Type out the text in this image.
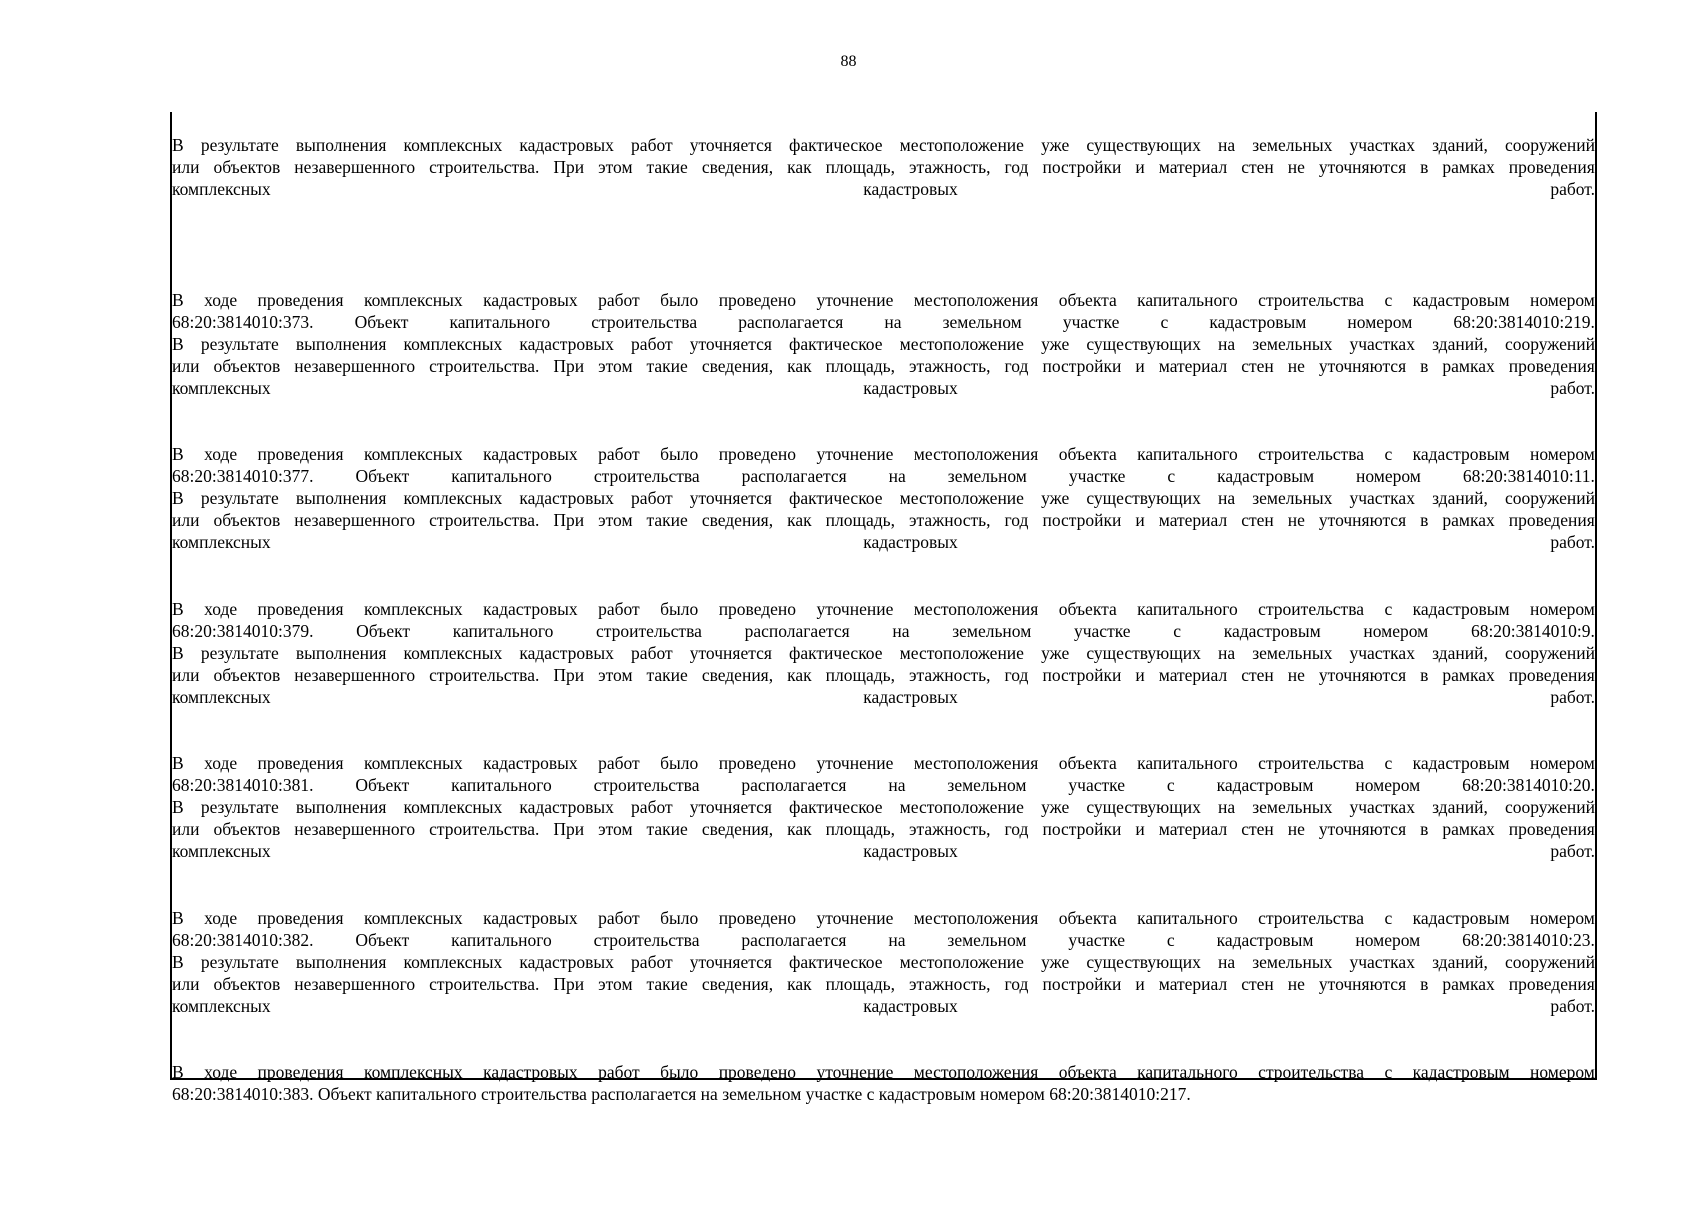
88
В результате выполнения комплексных кадастровых работ уточняется фактическое местоположение уже существующих на земельных участках зданий, сооружений
или объектов незавершенного строительства. При этом такие сведения, как площадь, этажность, год постройки и материал стен не уточняются в рамках проведения
комплексных	кадастровых	работ.
В ходе проведения комплексных кадастровых работ было проведено уточнение местоположения объекта капитального строительства с кадастровым номером
68:20:3814010:373. Объект капитального строительства располагается на земельном участке с кадастровым номером 68:20:3814010:219.
В результате выполнения комплексных кадастровых работ уточняется фактическое местоположение уже существующих на земельных участках зданий, сооружений
или объектов незавершенного строительства. При этом такие сведения, как площадь, этажность, год постройки и материал стен не уточняются в рамках проведения
комплексных	кадастровых	работ.
В ходе проведения комплексных кадастровых работ было проведено уточнение местоположения объекта капитального строительства с кадастровым номером
68:20:3814010:377. Объект капитального строительства располагается на земельном участке с кадастровым номером 68:20:3814010:11.
В результате выполнения комплексных кадастровых работ уточняется фактическое местоположение уже существующих на земельных участках зданий, сооружений
или объектов незавершенного строительства. При этом такие сведения, как площадь, этажность, год постройки и материал стен не уточняются в рамках проведения
комплексных	кадастровых	работ.
В ходе проведения комплексных кадастровых работ было проведено уточнение местоположения объекта капитального строительства с кадастровым номером
68:20:3814010:379. Объект капитального строительства располагается на земельном участке с кадастровым номером 68:20:3814010:9.
В результате выполнения комплексных кадастровых работ уточняется фактическое местоположение уже существующих на земельных участках зданий, сооружений
или объектов незавершенного строительства. При этом такие сведения, как площадь, этажность, год постройки и материал стен не уточняются в рамках проведения
комплексных	кадастровых	работ.
В ходе проведения комплексных кадастровых работ было проведено уточнение местоположения объекта капитального строительства с кадастровым номером
68:20:3814010:381. Объект капитального строительства располагается на земельном участке с кадастровым номером 68:20:3814010:20.
В результате выполнения комплексных кадастровых работ уточняется фактическое местоположение уже существующих на земельных участках зданий, сооружений
или объектов незавершенного строительства. При этом такие сведения, как площадь, этажность, год постройки и материал стен не уточняются в рамках проведения
комплексных	кадастровых	работ.
В ходе проведения комплексных кадастровых работ было проведено уточнение местоположения объекта капитального строительства с кадастровым номером
68:20:3814010:382. Объект капитального строительства располагается на земельном участке с кадастровым номером 68:20:3814010:23.
В результате выполнения комплексных кадастровых работ уточняется фактическое местоположение уже существующих на земельных участках зданий, сооружений
или объектов незавершенного строительства. При этом такие сведения, как площадь, этажность, год постройки и материал стен не уточняются в рамках проведения
комплексных	кадастровых	работ.
В ходе проведения комплексных кадастровых работ было проведено уточнение местоположения объекта капитального строительства с кадастровым номером
68:20:3814010:383. Объект капитального строительства располагается на земельном участке с кадастровым номером 68:20:3814010:217.
